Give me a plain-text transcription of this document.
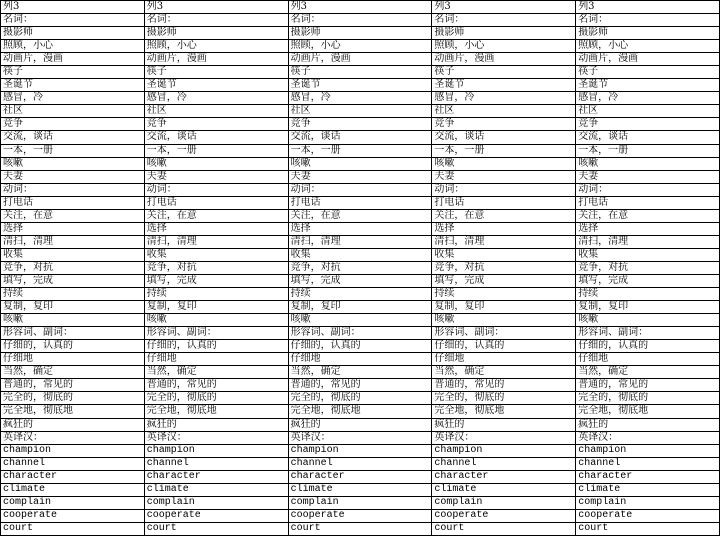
列3	列3	列3	列3	列3
名词：	名词：	名词：	名词：	名词：
摄影师	摄影师	摄影师	摄影师	摄影师
照顾，小心	照顾，小心	照顾，小心	照顾，小心	照顾，小心
动画片，漫画	动画片，漫画	动画片，漫画	动画片，漫画	动画片，漫画
筷子	筷子	筷子	筷子	筷子
圣诞节	圣诞节	圣诞节	圣诞节	圣诞节
感冒，冷	感冒，冷	感冒，冷	感冒，冷	感冒，冷
社区	社区	社区	社区	社区
竞争	竞争	竞争	竞争	竞争
交流，谈话	交流，谈话	交流，谈话	交流，谈话	交流，谈话
一本，一册	一本，一册	一本，一册	一本，一册	一本，一册
咳嗽	咳嗽	咳嗽	咳嗽	咳嗽
夫妻	夫妻	夫妻	夫妻	夫妻
动词：	动词：	动词：	动词：	动词：
打电话	打电话	打电话	打电话	打电话
关注，在意	关注，在意	关注，在意	关注，在意	关注，在意
选择	选择	选择	选择	选择
清扫，清理	清扫，清理	清扫，清理	清扫，清理	清扫，清理
收集	收集	收集	收集	收集
竞争，对抗	竞争，对抗	竞争，对抗	竞争，对抗	竞争，对抗
填写，完成	填写，完成	填写，完成	填写，完成	填写，完成
持续	持续	持续	持续	持续
复制，复印	复制，复印	复制，复印	复制，复印	复制，复印
咳嗽	咳嗽	咳嗽	咳嗽	咳嗽
形容词、副词：	形容词、副词：	形容词、副词：	形容词、副词：	形容词、副词：
仔细的，认真的	仔细的，认真的	仔细的，认真的	仔细的，认真的	仔细的，认真的
仔细地	仔细地	仔细地	仔细地	仔细地
当然，确定	当然，确定	当然，确定	当然，确定	当然，确定
普通的，常见的	普通的，常见的	普通的，常见的	普通的，常见的	普通的，常见的
完全的，彻底的	完全的，彻底的	完全的，彻底的	完全的，彻底的	完全的，彻底的
完全地，彻底地	完全地，彻底地	完全地，彻底地	完全地，彻底地	完全地，彻底地
疯狂的	疯狂的	疯狂的	疯狂的	疯狂的
英译汉：	英译汉：	英译汉：	英译汉：	英译汉：
champion	champion	champion	champion	champion
channel	channel	channel	channel	channel
character	character	character	character	character
climate	climate	climate	climate	climate
complain	complain	complain	complain	complain
cooperate	cooperate	cooperate	cooperate	cooperate
court	court	court	court	court
